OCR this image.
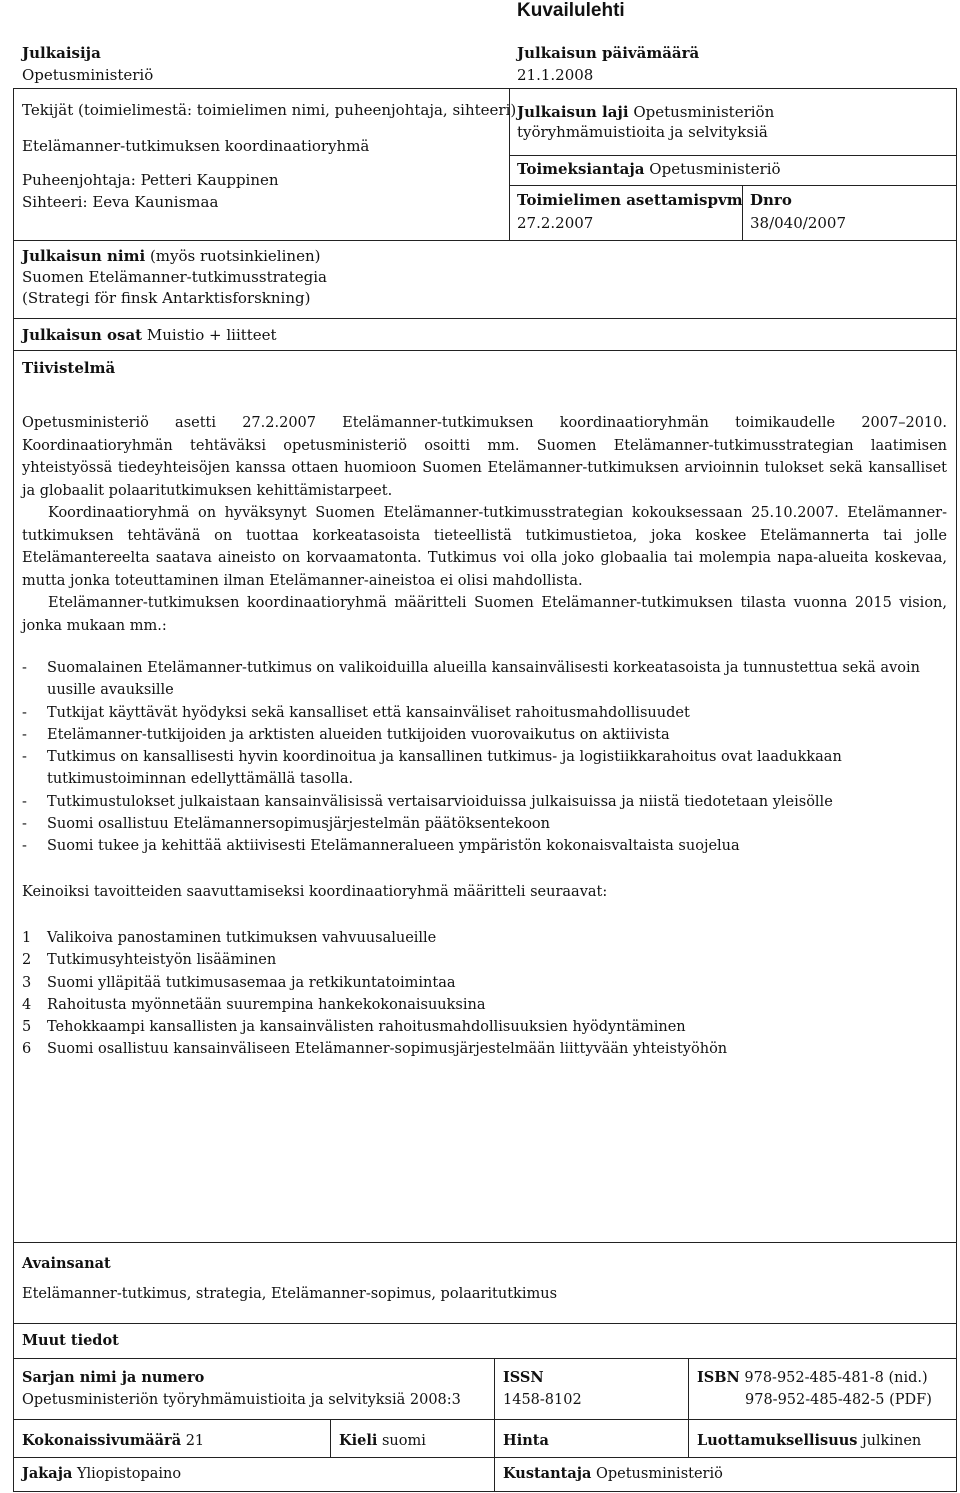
Kuvailulehti
Julkaisija
Opetusministeriö
Julkaisun päivämäärä
21.1.2008
Tekijät (toimielimestä: toimielimen nimi, puheenjohtaja, sihteeri)
Etelämanner-tutkimuksen koordinaatioryhmä
Puheenjohtaja: Petteri Kauppinen
Sihteeri: Eeva Kaunismaa
Julkaisun laji Opetusministeriön
työryhmämuistioita ja selvityksiä
Toimeksiantaja Opetusministeriö
Toimielimen asettamispvm
27.2.2007
Dnro
38/040/2007
Julkaisun nimi (myös ruotsinkielinen)
Suomen Etelämanner-tutkimusstrategia
(Strategi för finsk Antarktisforskning)
Julkaisun osat Muistio + liitteet
Tiivistelmä

Opetusministeriö asetti 27.2.2007 Etelämanner-tutkimuksen koordinaatioryhmän toimikaudelle 2007–2010. Koordinaatioryhmän tehtäväksi opetusministeriö osoitti mm. Suomen Etelämanner-tutkimusstrategian laatimisen yhteistyössä tiedeyhteisöjen kanssa ottaen huomioon Suomen Etelämanner-tutkimuksen arvioinnin tulokset sekä kansalliset ja globaalit polaaritutkimuksen kehittämistarpeet.

Koordinaatioryhmä on hyväksynyt Suomen Etelämanner-tutkimusstrategian kokouksessaan 25.10.2007. Etelämanner-tutkimuksen tehtävänä on tuottaa korkeatasoista tieteellistä tutkimustietoa, joka koskee Etelämannerta tai jolle Etelämantereelta saatava aineisto on korvaamatonta. Tutkimus voi olla joko globaalia tai molempia napa-alueita koskevaa, mutta jonka toteuttaminen ilman Etelämanner-aineistoa ei olisi mahdollista.

Etelämanner-tutkimuksen koordinaatioryhmä määritteli Suomen Etelämanner-tutkimuksen tilasta vuonna 2015 vision, jonka mukaan mm.:

- Suomalainen Etelämanner-tutkimus on valikoiduilla alueilla kansainvälisesti korkeatasoista ja tunnustettua sekä avoin uusille avauksille
- Tutkijat käyttävät hyödyksi sekä kansalliset että kansainväliset rahoitusmahdollisuudet
- Etelämanner-tutkijoiden ja arktisten alueiden tutkijoiden vuorovaikutus on aktiivista
- Tutkimus on kansallisesti hyvin koordinoitua ja kansallinen tutkimus- ja logistiikkarahoitus ovat laadukkaan tutkimustoiminnan edellyttämällä tasolla.
- Tutkimustulokset julkaistaan kansainvälisissä vertaisarvioiduissa julkaisuissa ja niistä tiedotetaan yleisölle
- Suomi osallistuu Etelämannersopimusjärjestelmän päätöksentekoon
- Suomi tukee ja kehittää aktiivisesti Etelämanneralueen ympäristön kokonaisvaltaista suojelua
Keinoiksi tavoitteiden saavuttamiseksi koordinaatioryhmä määritteli seuraavat:
1 Valikoiva panostaminen tutkimuksen vahvuusalueille
2 Tutkimusyhteistyön lisääminen
3 Suomi ylläpitää tutkimusasemaa ja retkikuntatoimintaa
4 Rahoitusta myönnetään suurempina hankekokonaisuuksina
5 Tehokkaampi kansallisten ja kansainvälisten rahoitusmahdollisuuksien hyödyntäminen
6 Suomi osallistuu kansainväliseen Etelämanner-sopimusjärjestelmään liittyvään yhteistyöhön
Avainsanat
Etelämanner-tutkimus, strategia, Etelämanner-sopimus, polaaritutkimus
Muut tiedot
Sarjan nimi ja numero
Opetusministeriön työryhmämuistioita ja selvityksiä 2008:3
ISSN
1458-8102
ISBN 978-952-485-481-8 (nid.)
978-952-485-482-5 (PDF)
Kokonaissivumäärä 21	Kieli suomi	Hinta	Luottamuksellisuus julkinen
Jakaja Yliopistopaino	Kustantaja Opetusministeriö
